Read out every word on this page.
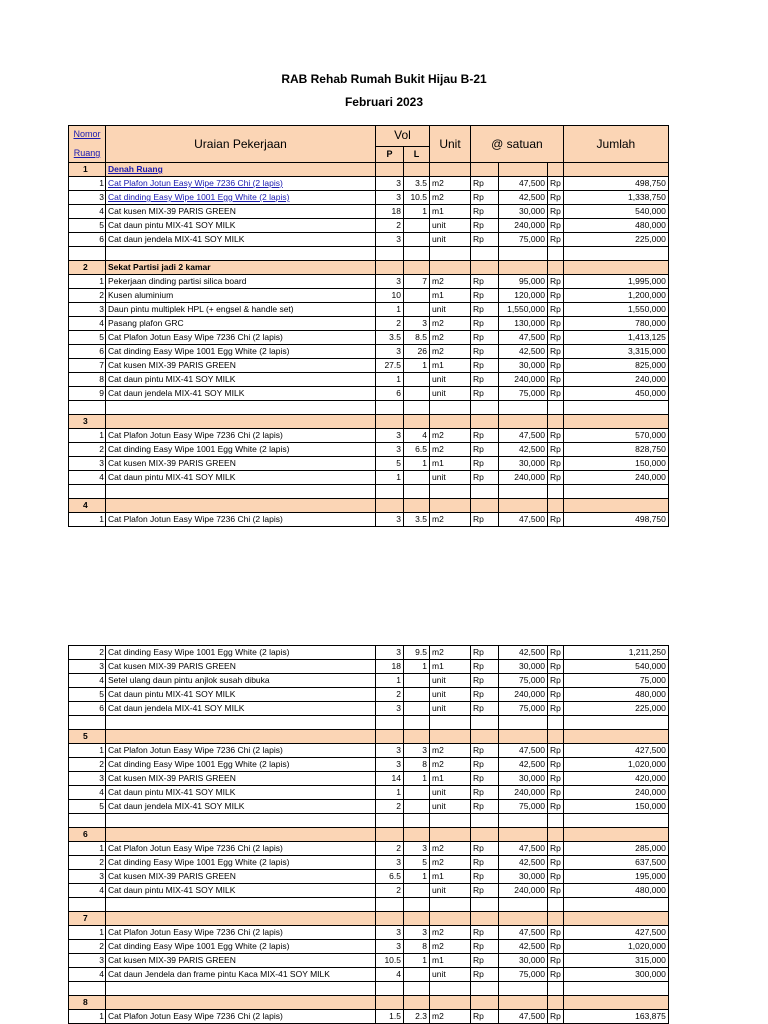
RAB Rehab Rumah Bukit Hijau B-21
Februari 2023
Nomor
Ruang	Uraian Pekerjaan	Vol		Unit	@ satuan			Jumlah
		P	L					
1	Denah Ruang							
1	Cat Plafon Jotun Easy Wipe 7236 Chi (2 lapis)	3	3.5	m2	Rp	47,500	Rp	498,750
3	Cat dinding Easy Wipe 1001 Egg White (2 lapis)	3	10.5	m2	Rp	42,500	Rp	1,338,750
4	Cat kusen MIX-39 PARIS GREEN	18	1	m1	Rp	30,000	Rp	540,000
5	Cat daun pintu MIX-41 SOY MILK	2		unit	Rp	240,000	Rp	480,000
6	Cat daun jendela MIX-41 SOY MILK	3		unit	Rp	75,000	Rp	225,000

2	Sekat Partisi jadi 2 kamar							
1	Pekerjaan dinding partisi silica board	3	7	m2	Rp	95,000	Rp	1,995,000
2	Kusen aluminium	10		m1	Rp	120,000	Rp	1,200,000
3	Daun pintu multiplek HPL (+ engsel & handle set)	1		unit	Rp	1,550,000	Rp	1,550,000
4	Pasang plafon GRC	2	3	m2	Rp	130,000	Rp	780,000
5	Cat Plafon Jotun Easy Wipe 7236 Chi (2 lapis)	3.5	8.5	m2	Rp	47,500	Rp	1,413,125
6	Cat dinding Easy Wipe 1001 Egg White (2 lapis)	3	26	m2	Rp	42,500	Rp	3,315,000
7	Cat kusen MIX-39 PARIS GREEN	27.5	1	m1	Rp	30,000	Rp	825,000
8	Cat daun pintu MIX-41 SOY MILK	1		unit	Rp	240,000	Rp	240,000
9	Cat daun jendela MIX-41 SOY MILK	6		unit	Rp	75,000	Rp	450,000

3								
1	Cat Plafon Jotun Easy Wipe 7236 Chi (2 lapis)	3	4	m2	Rp	47,500	Rp	570,000
2	Cat dinding Easy Wipe 1001 Egg White (2 lapis)	3	6.5	m2	Rp	42,500	Rp	828,750
3	Cat kusen MIX-39 PARIS GREEN	5	1	m1	Rp	30,000	Rp	150,000
4	Cat daun pintu MIX-41 SOY MILK	1		unit	Rp	240,000	Rp	240,000

4								
1	Cat Plafon Jotun Easy Wipe 7236 Chi (2 lapis)	3	3.5	m2	Rp	47,500	Rp	498,750
2	Cat dinding Easy Wipe 1001 Egg White (2 lapis)	3	9.5	m2	Rp	42,500	Rp	1,211,250
3	Cat kusen MIX-39 PARIS GREEN	18	1	m1	Rp	30,000	Rp	540,000
4	Setel ulang daun pintu anjlok susah dibuka	1		unit	Rp	75,000	Rp	75,000
5	Cat daun pintu MIX-41 SOY MILK	2		unit	Rp	240,000	Rp	480,000
6	Cat daun jendela MIX-41 SOY MILK	3		unit	Rp	75,000	Rp	225,000

5								
1	Cat Plafon Jotun Easy Wipe 7236 Chi (2 lapis)	3	3	m2	Rp	47,500	Rp	427,500
2	Cat dinding Easy Wipe 1001 Egg White (2 lapis)	3	8	m2	Rp	42,500	Rp	1,020,000
3	Cat kusen MIX-39 PARIS GREEN	14	1	m1	Rp	30,000	Rp	420,000
4	Cat daun pintu MIX-41 SOY MILK	1		unit	Rp	240,000	Rp	240,000
5	Cat daun jendela MIX-41 SOY MILK	2		unit	Rp	75,000	Rp	150,000

6								
1	Cat Plafon Jotun Easy Wipe 7236 Chi (2 lapis)	2	3	m2	Rp	47,500	Rp	285,000
2	Cat dinding Easy Wipe 1001 Egg White (2 lapis)	3	5	m2	Rp	42,500	Rp	637,500
3	Cat kusen MIX-39 PARIS GREEN	6.5	1	m1	Rp	30,000	Rp	195,000
4	Cat daun pintu MIX-41 SOY MILK	2		unit	Rp	240,000	Rp	480,000

7								
1	Cat Plafon Jotun Easy Wipe 7236 Chi (2 lapis)	3	3	m2	Rp	47,500	Rp	427,500
2	Cat dinding Easy Wipe 1001 Egg White (2 lapis)	3	8	m2	Rp	42,500	Rp	1,020,000
3	Cat kusen MIX-39 PARIS GREEN	10.5	1	m1	Rp	30,000	Rp	315,000
4	Cat daun Jendela dan frame pintu Kaca MIX-41 SOY MILK	4		unit	Rp	75,000	Rp	300,000

8								
1	Cat Plafon Jotun Easy Wipe 7236 Chi (2 lapis)	1.5	2.3	m2	Rp	47,500	Rp	163,875
